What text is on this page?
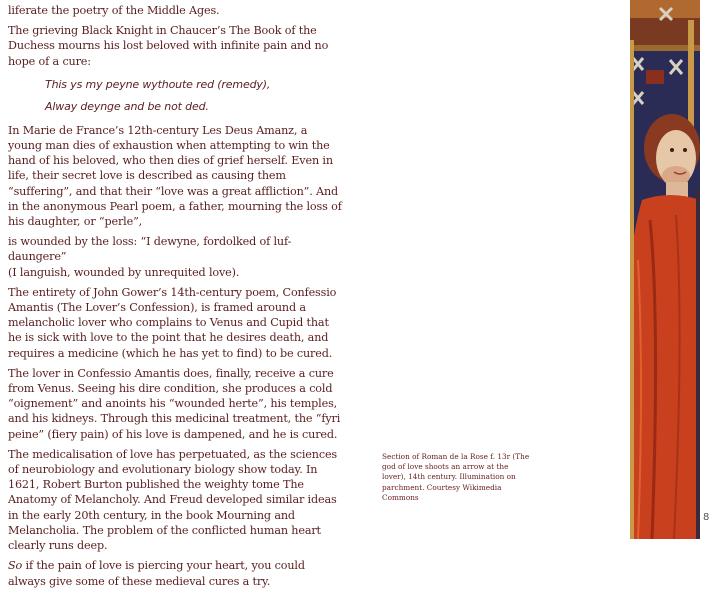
liferate the poetry of the Middle Ages.

The grieving Black Knight in Chaucer’s The Book of the Duchess mourns his lost beloved with infinite pain and no hope of a cure:

This ys my peyne wythoute red (remedy),
Alway deynge and be not ded.

In Marie de France’s 12th-century Les Deus Amanz, a young man dies of exhaustion when attempting to win the hand of his beloved, who then dies of grief herself. Even in life, their secret love is described as causing them “suffering”, and that their “love was a great affliction”. And in the anonymous Pearl poem, a father, mourning the loss of his daughter, or “perle”,

is wounded by the loss: “I dewyne, fordolked of luf-daungere”
(I languish, wounded by unrequited love).

The entirety of John Gower’s 14th-century poem, Confessio Amantis (The Lover’s Confession), is framed around a melancholic lover who complains to Venus and Cupid that he is sick with love to the point that he desires death, and requires a medicine (which he has yet to find) to be cured.

The lover in Confessio Amantis does, finally, receive a cure from Venus. Seeing his dire condition, she produces a cold “oignement” and anoints his “wounded herte”, his temples, and his kidneys. Through this medicinal treatment, the “fyri peine” (fiery pain) of his love is dampened, and he is cured.

The medicalisation of love has perpetuated, as the sciences of neurobiology and evolutionary biology show today. In 1621, Robert Burton published the weighty tome The Anatomy of Melancholy. And Freud developed similar ideas in the early 20th century, in the book Mourning and Melancholia. The problem of the conflicted human heart clearly runs deep.

So if the pain of love is piercing your heart, you could always give some of these medieval cures a try.

Section of Roman de la Rose f. 13r (The god of love shoots an arrow at the lover), 14th century. Illumination on parchment. Courtesy Wikimedia Commons
8
